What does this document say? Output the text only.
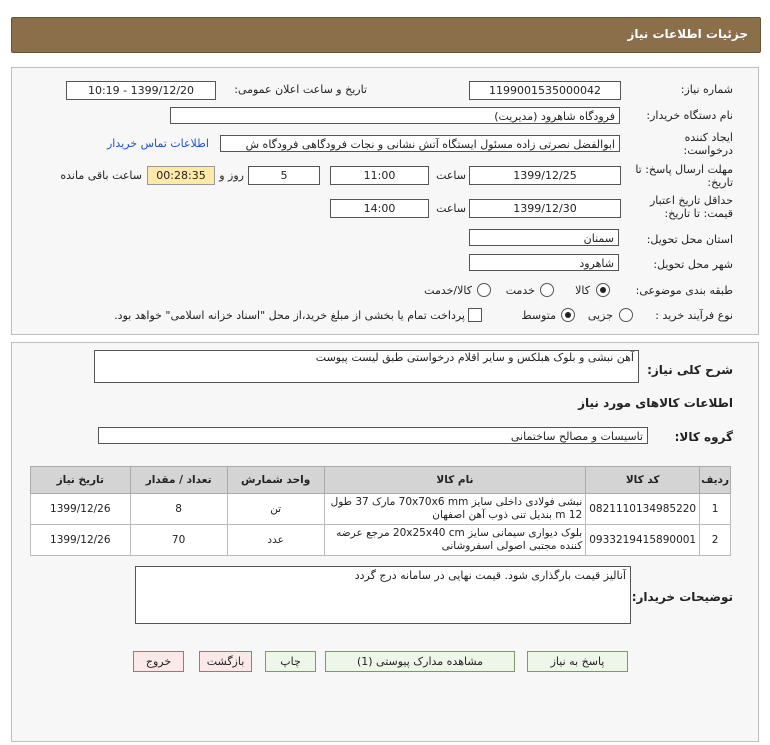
جزئیات اطلاعات نیاز
شماره نیاز:
1199001535000042
تاریخ و ساعت اعلان عمومی:
1399/12/20 - 10:19
نام دستگاه خریدار:
فرودگاه شاهرود (مدیریت)
ایجاد کننده درخواست:
ابوالفضل نصرتی زاده مسئول ایستگاه آتش نشانی و نجات فرودگاهی فرودگاه ش
اطلاعات تماس خریدار
مهلت ارسال پاسخ: تا تاریخ:
1399/12/25
ساعت
11:00
5
روز و
00:28:35
ساعت باقی مانده
حداقل تاریخ اعتبار قیمت: تا تاریخ:
1399/12/30
ساعت
14:00
استان محل تحویل:
سمنان
شهر محل تحویل:
شاهرود
طبقه بندی موضوعی:
کالا
خدمت
کالا/خدمت
نوع فرآیند خرید :
جزیی
متوسط
پرداخت تمام یا بخشی از مبلغ خرید،از محل "اسناد خزانه اسلامی" خواهد بود.
شرح کلی نیاز:
آهن نبشی و بلوک هبلکس و سایر اقلام درخواستی طبق لیست پیوست
اطلاعات کالاهای مورد نیاز
گروه کالا:
تاسیسات و مصالح ساختمانی
ردیف	کد کالا	نام کالا	واحد شمارش	تعداد / مقدار	تاریخ نیاز
1	0821110134985220	نبشی فولادی داخلی سایز 70x70x6 mm مارک 37 طول 12 m بندیل تنی ذوب آهن اصفهان	تن	8	1399/12/26
2	0933219415890001	بلوک دیواری سیمانی سایز 20x25x40 cm مرجع عرضه کننده مجتبی اصولی اسفروشانی	عدد	70	1399/12/26
توضیحات خریدار:
آنالیز قیمت بارگذاری شود. قیمت نهایی در سامانه درج گردد
پاسخ به نیاز
مشاهده مدارک پیوستی (1)
چاپ
بازگشت
خروج
